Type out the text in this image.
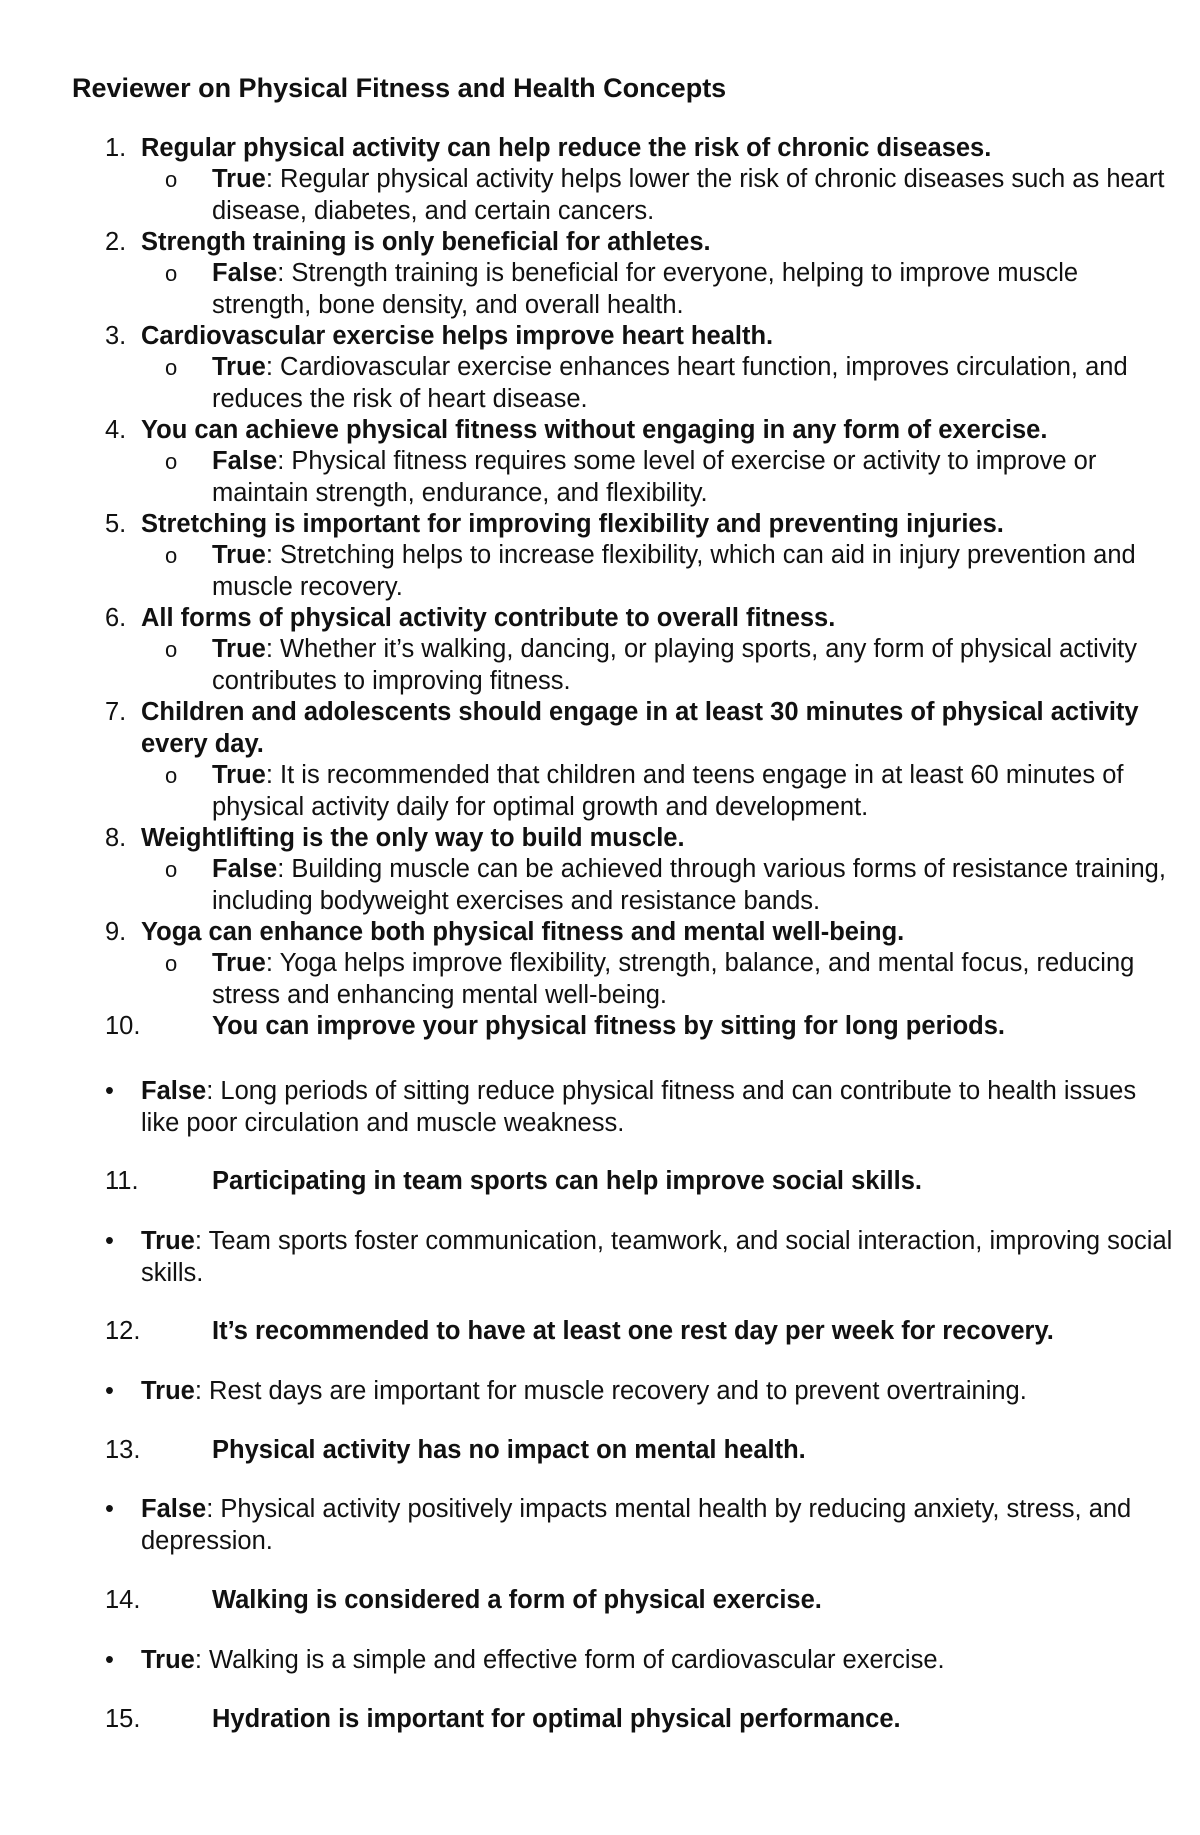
Reviewer on Physical Fitness and Health Concepts
1. Regular physical activity can help reduce the risk of chronic diseases.
o True: Regular physical activity helps lower the risk of chronic diseases such as heart disease, diabetes, and certain cancers.
2. Strength training is only beneficial for athletes.
o False: Strength training is beneficial for everyone, helping to improve muscle strength, bone density, and overall health.
3. Cardiovascular exercise helps improve heart health.
o True: Cardiovascular exercise enhances heart function, improves circulation, and reduces the risk of heart disease.
4. You can achieve physical fitness without engaging in any form of exercise.
o False: Physical fitness requires some level of exercise or activity to improve or maintain strength, endurance, and flexibility.
5. Stretching is important for improving flexibility and preventing injuries.
o True: Stretching helps to increase flexibility, which can aid in injury prevention and muscle recovery.
6. All forms of physical activity contribute to overall fitness.
o True: Whether it’s walking, dancing, or playing sports, any form of physical activity contributes to improving fitness.
7. Children and adolescents should engage in at least 30 minutes of physical activity every day.
o True: It is recommended that children and teens engage in at least 60 minutes of physical activity daily for optimal growth and development.
8. Weightlifting is the only way to build muscle.
o False: Building muscle can be achieved through various forms of resistance training, including bodyweight exercises and resistance bands.
9. Yoga can enhance both physical fitness and mental well-being.
o True: Yoga helps improve flexibility, strength, balance, and mental focus, reducing stress and enhancing mental well-being.
10.	You can improve your physical fitness by sitting for long periods.
• False: Long periods of sitting reduce physical fitness and can contribute to health issues like poor circulation and muscle weakness.
11.	Participating in team sports can help improve social skills.
• True: Team sports foster communication, teamwork, and social interaction, improving social skills.
12.	It’s recommended to have at least one rest day per week for recovery.
• True: Rest days are important for muscle recovery and to prevent overtraining.
13.	Physical activity has no impact on mental health.
• False: Physical activity positively impacts mental health by reducing anxiety, stress, and depression.
14.	Walking is considered a form of physical exercise.
• True: Walking is a simple and effective form of cardiovascular exercise.
15.	Hydration is important for optimal physical performance.
